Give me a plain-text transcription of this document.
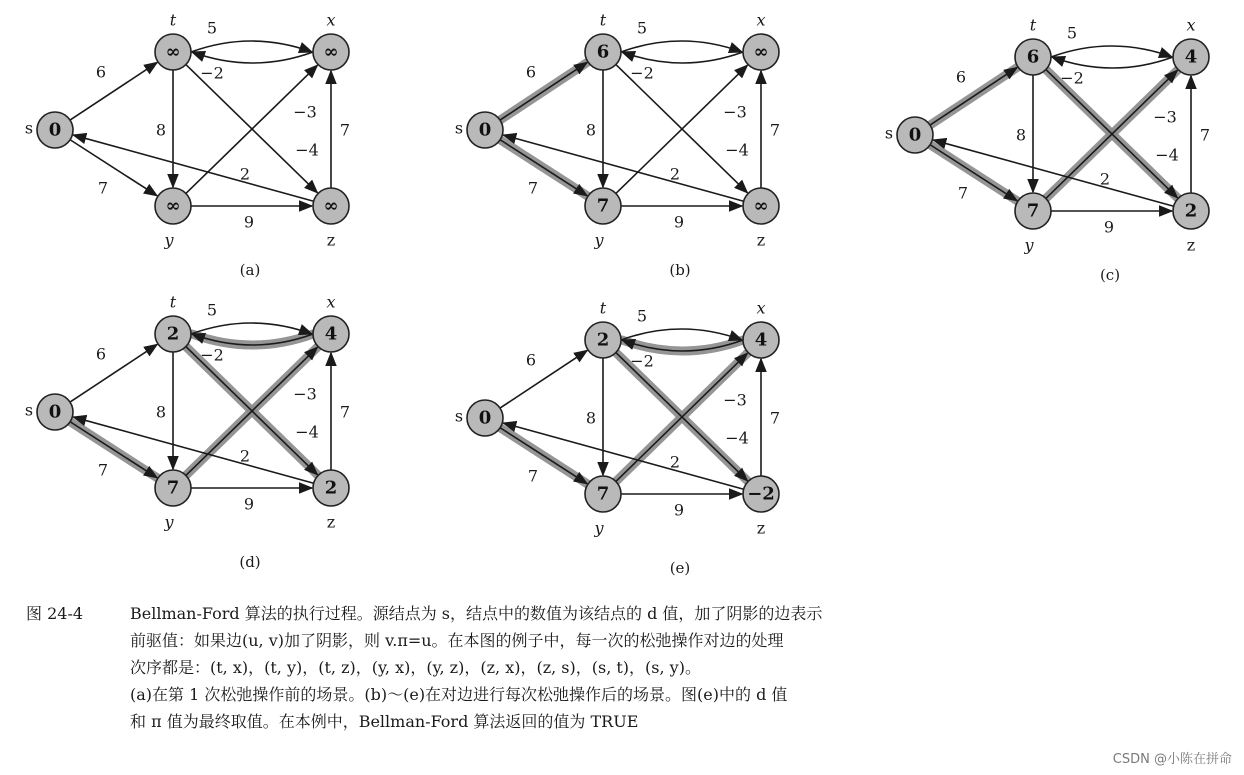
5
−2
6
7
8
−3
−4
7
2
9
0
s
∞
t
∞
x
∞
y
∞
z
(a)
5
−2
6
7
8
−3
−4
7
2
9
0
s
6
t
∞
x
7
y
∞
z
(b)
5
−2
6
7
8
−3
−4
7
2
9
0
s
6
t
4
x
7
y
2
z
(c)
5
−2
6
7
8
−3
−4
7
2
9
0
s
2
t
4
x
7
y
2
z
(d)
5
−2
6
7
8
−3
−4
7
2
9
0
s
2
t
4
x
7
y
−2
z
(e)
图 24-4	Bellman-Ford 算法的执行过程。源结点为 s，结点中的数值为该结点的 d 值，加了阴影的边表示
前驱值：如果边(u, v)加了阴影，则 v.π=u。在本图的例子中，每一次的松弛操作对边的处理
次序都是：(t, x)，(t, y)，(t, z)，(y, x)，(y, z)，(z, x)，(z, s)，(s, t)，(s, y)。
(a)在第 1 次松弛操作前的场景。(b)～(e)在对边进行每次松弛操作后的场景。图(e)中的 d 值
和 π 值为最终取值。在本例中，Bellman-Ford 算法返回的值为 TRUE
CSDN @小陈在拼命
